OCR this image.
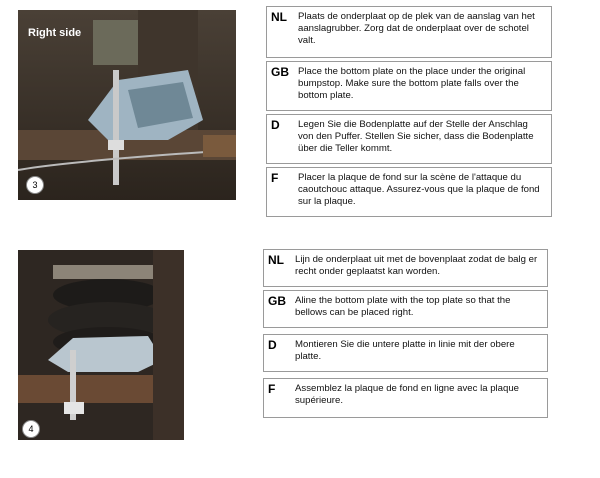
Right side
3
4
NL Plaats de onderplaat op de plek van de aanslag van het aanslagrubber. Zorg dat de onderplaat over de schotel valt.
GB Place the bottom plate on the place under the original bumpstop. Make sure the bottom plate falls over the bottom plate.
D Legen Sie die Bodenplatte auf der Stelle der Anschlag von den Puffer. Stellen Sie sicher, dass die Bodenplatte über die Teller kommt.
F Placer la plaque de fond sur la scène de l'attaque du caoutchouc attaque. Assurez-vous que la plaque de fond sur la plaque.
NL Lijn de onderplaat uit met de bovenplaat zodat de balg er recht onder geplaatst kan worden.
GB Aline the bottom plate with the top plate so that the bellows can be placed right.
D Montieren Sie die untere platte in linie mit der obere platte.
F Assemblez la plaque de fond en ligne avec la plaque supérieure.
